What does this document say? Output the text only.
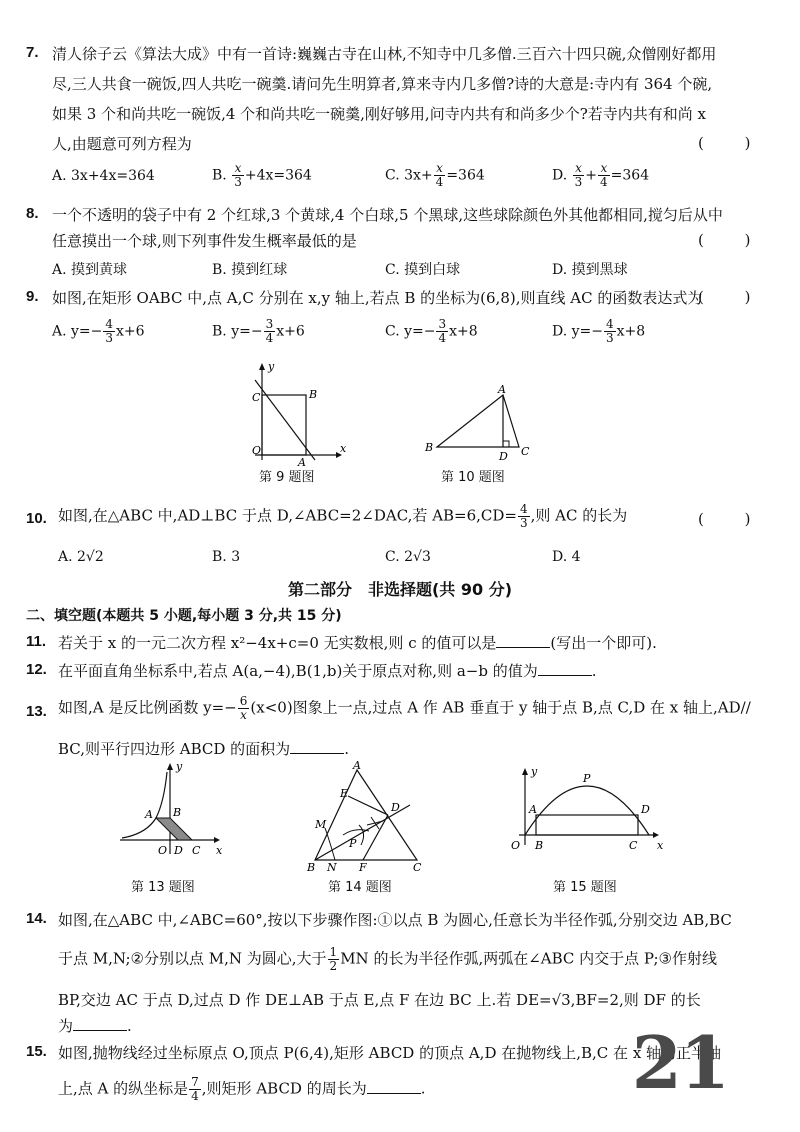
7. 清人徐子云《算法大成》中有一首诗:巍巍古寺在山林,不知寺中几多僧.三百六十四只碗,众僧刚好都用
尽,三人共食一碗饭,四人共吃一碗羹.请问先生明算者,算来寺内几多僧?诗的大意是:寺内有 364 个碗,
如果 3 个和尚共吃一碗饭,4 个和尚共吃一碗羹,刚好够用,问寺内共有和尚多少个?若寺内共有和尚 x
人,由题意可列方程为	( )
A. 3x+4x=364	B. $\frac{x}{3} +4x=364$	C. $3x+ \frac{x}{4} =364$	D. $\frac{x}{3} + \frac{x}{4} =364$
8. 一个不透明的袋子中有 2 个红球,3 个黄球,4 个白球,5 个黑球,这些球除颜色外其他都相同,搅匀后从中
任意摸出一个球,则下列事件发生概率最低的是	( )
A. 摸到黄球	B. 摸到红球	C. 摸到白球	D. 摸到黑球
9. 如图,在矩形 OABC 中,点 A,C 分别在 x,y 轴上,若点 B 的坐标为(6,8),则直线 AC 的函数表达式为
( )
A. $y=- \frac{4}{3} x+6$	B. $y=- \frac{3}{4} x+6$	C. $y=- \frac{3}{4} x+8$	D. $y=- \frac{4}{3} x+8$
y
x
C	B
O
A
第 9 题图
A
B	C
D
第 10 题图
10. 如图,在△ABC 中,AD⊥BC 于点 D,∠ABC=2∠DAC,若 $AB=6,CD= \frac{4}{3}$ ,则 AC 的长为	( )
A. 2√2	B. 3	C. 2√3	D. 4
第二部分　非选择题(共 90 分)
二、填空题(本题共 5 小题,每小题 3 分,共 15 分)
11. 若关于 x 的一元二次方程 x²−4x+c=0 无实数根,则 c 的值可以是	(写出一个即可).
12. 在平面直角坐标系中,若点 A(a,−4),B(1,b)关于原点对称,则 a−b 的值为	.
13. 如图,A 是反比例函数 $y=- \frac{6}{x} (x<0)$图象上一点,过点 A 作 AB 垂直于 y 轴于点 B,点 C,D 在 x 轴上,AD//
BC,则平行四边形 ABCD 的面积为	.
y
A B
O D C x
第 13 题图
A
E
D
M
P
B N F	C
第 14 题图
y
P
A	D
O B	C x
第 15 题图
14. 如图,在△ABC 中,∠ABC=60°,按以下步骤作图:①以点 B 为圆心,任意长为半径作弧,分别交边 AB,BC
于点 M,N;②分别以点 M,N 为圆心,大于 $\frac{1}{2}$ MN 的长为半径作弧,两弧在∠ABC 内交于点 P;③作射线
BP,交边 AC 于点 D,过点 D 作 DE⊥AB 于点 E,点 F 在边 BC 上.若 DE=√3,BF=2,则 DF 的长
为	.
15. 如图,抛物线经过坐标原点 O,顶点 P(6,4),矩形 ABCD 的顶点 A,D 在抛物线上,B,C 在 x 轴的正半轴
上,点 A 的纵坐标是 $\frac{7}{4}$ ,则矩形 ABCD 的周长为	.	21
